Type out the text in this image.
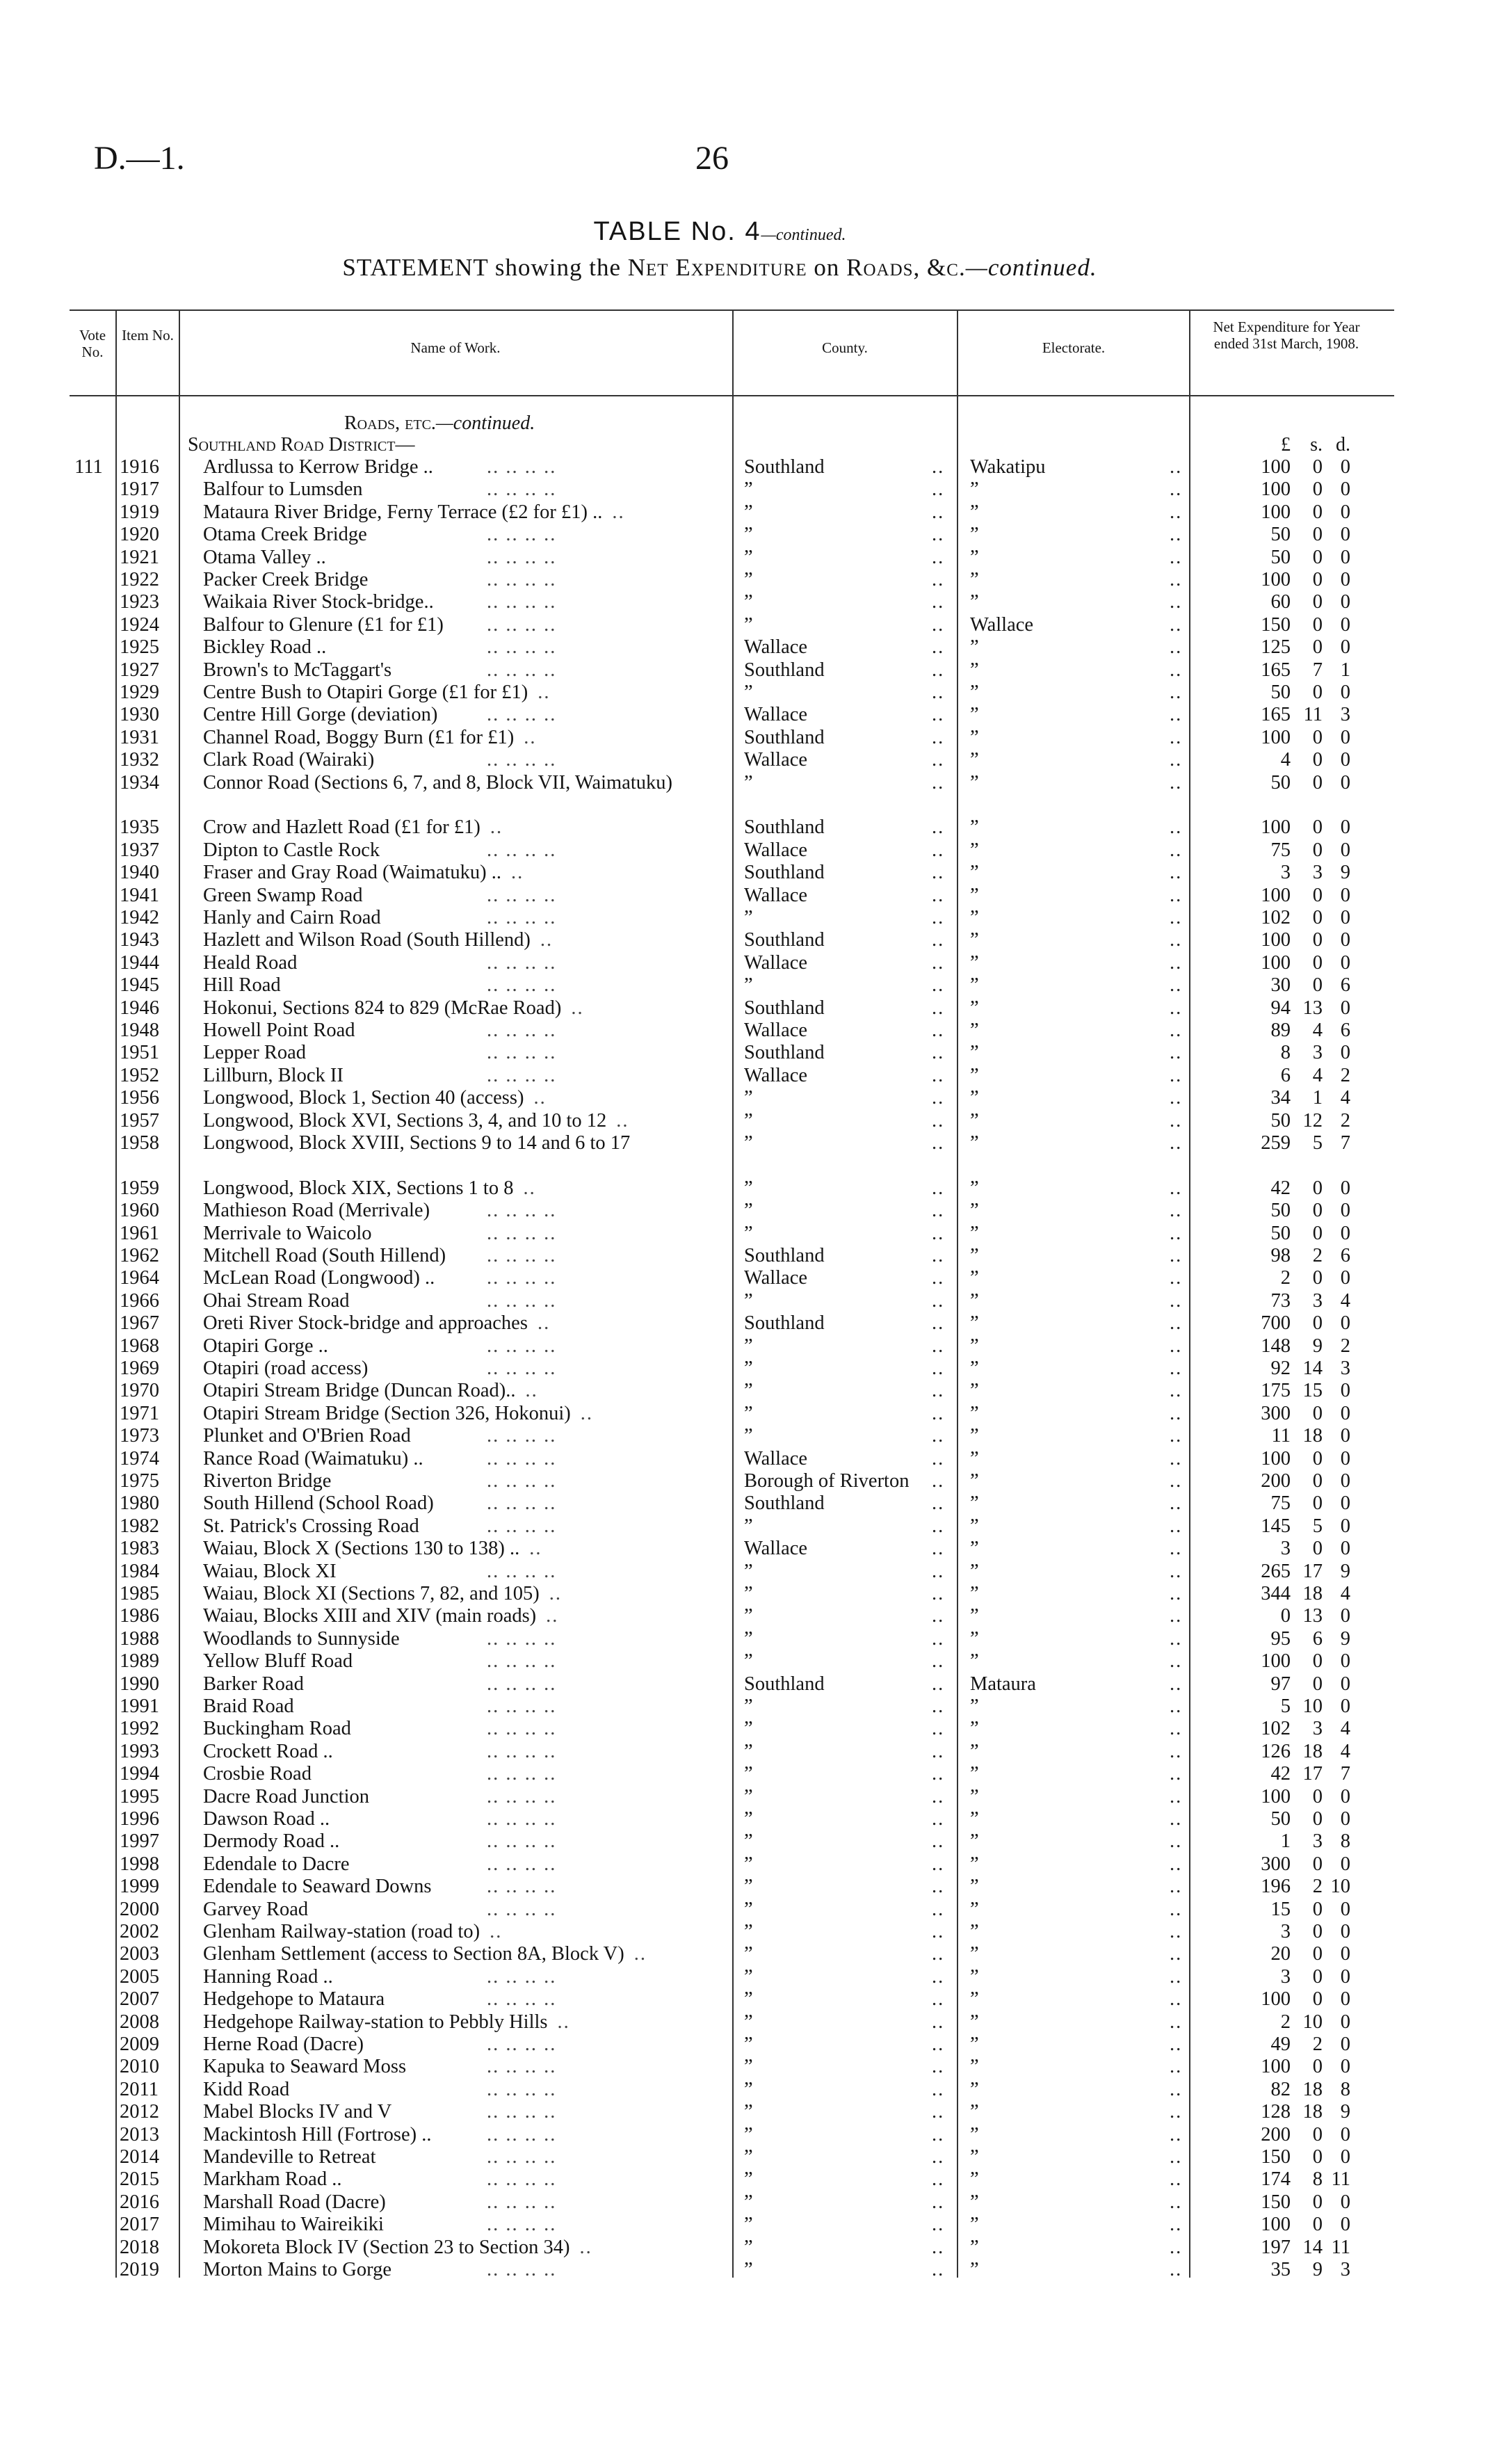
D.—1.	26
TABLE No. 4—continued.
STATEMENT showing the Net Expenditure on Roads, &c.—continued.
Vote No.
Item No.
Name of Work.	County.	Electorate.
Net Expenditure for Year ended 31st March, 1908.
Roads, etc.—continued.
Southland Road District—	£ s. d.
111 1916 Ardlussa to Kerrow Bridge ..	.. .. .. ..	Southland	.. Wakatipu	..	100 0 0
1917 Balfour to Lumsden	.. .. .. ..	”	.. ”	..	100 0 0
1919 Mataura River Bridge, Ferny Terrace (£2 for £1) .. ..	”	.. ”	..	100 0 0
1920 Otama Creek Bridge	.. .. .. ..	”	.. ”	..	50 0 0
1921 Otama Valley ..	.. .. .. ..	”	.. ”	..	50 0 0
1922 Packer Creek Bridge	.. .. .. ..	”	.. ”	..	100 0 0
1923 Waikaia River Stock-bridge..	.. .. .. ..	”	.. ”	..	60 0 0
1924 Balfour to Glenure (£1 for £1)	.. .. .. ..	”	.. Wallace	..	150 0 0
1925 Bickley Road ..	.. .. .. ..	Wallace	.. ”	..	125 0 0
1927 Brown's to McTaggart's	.. .. .. ..	Southland	.. ”	..	165 7 1
1929 Centre Bush to Otapiri Gorge (£1 for £1) ..	”	.. ”	..	50 0 0
1930 Centre Hill Gorge (deviation)	.. .. .. ..	Wallace	.. ”	..	165 11 3
1931 Channel Road, Boggy Burn (£1 for £1) ..	Southland	.. ”	..	100 0 0
1932 Clark Road (Wairaki)	.. .. .. ..	Wallace	.. ”	..	4 0 0
1934 Connor Road (Sections 6, 7, and 8, Block VII, Waimatuku)	”	.. ”	..	50 0 0
1935 Crow and Hazlett Road (£1 for £1) ..	Southland	.. ”	..	100 0 0
1937 Dipton to Castle Rock	.. .. .. ..	Wallace	.. ”	..	75 0 0
1940 Fraser and Gray Road (Waimatuku) .. ..	Southland	.. ”	..	3 3 9
1941 Green Swamp Road	.. .. .. ..	Wallace	.. ”	..	100 0 0
1942 Hanly and Cairn Road	.. .. .. ..	”	.. ”	..	102 0 0
1943 Hazlett and Wilson Road (South Hillend) ..	Southland	.. ”	..	100 0 0
1944 Heald Road	.. .. .. ..	Wallace	.. ”	..	100 0 0
1945 Hill Road	.. .. .. ..	”	.. ”	..	30 0 6
1946 Hokonui, Sections 824 to 829 (McRae Road) ..	Southland	.. ”	..	94 13 0
1948 Howell Point Road	.. .. .. ..	Wallace	.. ”	..	89 4 6
1951 Lepper Road	.. .. .. ..	Southland	.. ”	..	8 3 0
1952 Lillburn, Block II	.. .. .. ..	Wallace	.. ”	..	6 4 2
1956 Longwood, Block 1, Section 40 (access) ..	”	.. ”	..	34 1 4
1957 Longwood, Block XVI, Sections 3, 4, and 10 to 12 ..	”	.. ”	..	50 12 2
1958 Longwood, Block XVIII, Sections 9 to 14 and 6 to 17	”	.. ”	..	259 5 7
1959 Longwood, Block XIX, Sections 1 to 8 ..	”	.. ”	..	42 0 0
1960 Mathieson Road (Merrivale)	.. .. .. ..	”	.. ”	..	50 0 0
1961 Merrivale to Waicolo	.. .. .. ..	”	.. ”	..	50 0 0
1962 Mitchell Road (South Hillend)	.. .. .. ..	Southland	.. ”	..	98 2 6
1964 McLean Road (Longwood) ..	.. .. .. ..	Wallace	.. ”	..	2 0 0
1966 Ohai Stream Road	.. .. .. ..	”	.. ”	..	73 3 4
1967 Oreti River Stock-bridge and approaches ..	Southland	.. ”	..	700 0 0
1968 Otapiri Gorge ..	.. .. .. ..	”	.. ”	..	148 9 2
1969 Otapiri (road access)	.. .. .. ..	”	.. ”	..	92 14 3
1970 Otapiri Stream Bridge (Duncan Road).. ..	”	.. ”	..	175 15 0
1971 Otapiri Stream Bridge (Section 326, Hokonui) ..	”	.. ”	..	300 0 0
1973 Plunket and O'Brien Road	.. .. .. ..	”	.. ”	..	11 18 0
1974 Rance Road (Waimatuku) ..	.. .. .. ..	Wallace	.. ”	..	100 0 0
1975 Riverton Bridge	.. .. .. ..	Borough of Riverton	.. ”	..	200 0 0
1980 South Hillend (School Road)	.. .. .. ..	Southland	.. ”	..	75 0 0
1982 St. Patrick's Crossing Road	.. .. .. ..	”	.. ”	..	145 5 0
1983 Waiau, Block X (Sections 130 to 138) .. ..	Wallace	.. ”	..	3 0 0
1984 Waiau, Block XI	.. .. .. ..	”	.. ”	..	265 17 9
1985 Waiau, Block XI (Sections 7, 82, and 105) ..	”	.. ”	..	344 18 4
1986 Waiau, Blocks XIII and XIV (main roads) ..	”	.. ”	..	0 13 0
1988 Woodlands to Sunnyside	.. .. .. ..	”	.. ”	..	95 6 9
1989 Yellow Bluff Road	.. .. .. ..	”	.. ”	..	100 0 0
1990 Barker Road	.. .. .. ..	Southland	.. Mataura	..	97 0 0
1991 Braid Road	.. .. .. ..	”	.. ”	..	5 10 0
1992 Buckingham Road	.. .. .. ..	”	.. ”	..	102 3 4
1993 Crockett Road ..	.. .. .. ..	”	.. ”	..	126 18 4
1994 Crosbie Road	.. .. .. ..	”	.. ”	..	42 17 7
1995 Dacre Road Junction	.. .. .. ..	”	.. ”	..	100 0 0
1996 Dawson Road ..	.. .. .. ..	”	.. ”	..	50 0 0
1997 Dermody Road ..	.. .. .. ..	”	.. ”	..	1 3 8
1998 Edendale to Dacre	.. .. .. ..	”	.. ”	..	300 0 0
1999 Edendale to Seaward Downs	.. .. .. ..	”	.. ”	..	196 2 10
2000 Garvey Road	.. .. .. ..	”	.. ”	..	15 0 0
2002 Glenham Railway-station (road to) ..	”	.. ”	..	3 0 0
2003 Glenham Settlement (access to Section 8A, Block V) ..	”	.. ”	..	20 0 0
2005 Hanning Road ..	.. .. .. ..	”	.. ”	..	3 0 0
2007 Hedgehope to Mataura	.. .. .. ..	”	.. ”	..	100 0 0
2008 Hedgehope Railway-station to Pebbly Hills ..	”	.. ”	..	2 10 0
2009 Herne Road (Dacre)	.. .. .. ..	”	.. ”	..	49 2 0
2010 Kapuka to Seaward Moss	.. .. .. ..	”	.. ”	..	100 0 0
2011 Kidd Road	.. .. .. ..	”	.. ”	..	82 18 8
2012 Mabel Blocks IV and V	.. .. .. ..	”	.. ”	..	128 18 9
2013 Mackintosh Hill (Fortrose) ..	.. .. .. ..	”	.. ”	..	200 0 0
2014 Mandeville to Retreat	.. .. .. ..	”	.. ”	..	150 0 0
2015 Markham Road ..	.. .. .. ..	”	.. ”	..	174 8 11
2016 Marshall Road (Dacre)	.. .. .. ..	”	.. ”	..	150 0 0
2017 Mimihau to Waireikiki	.. .. .. ..	”	.. ”	..	100 0 0
2018 Mokoreta Block IV (Section 23 to Section 34) ..	”	.. ”	..	197 14 11
2019 Morton Mains to Gorge	.. .. .. ..	”	.. ”	..	35 9 3
